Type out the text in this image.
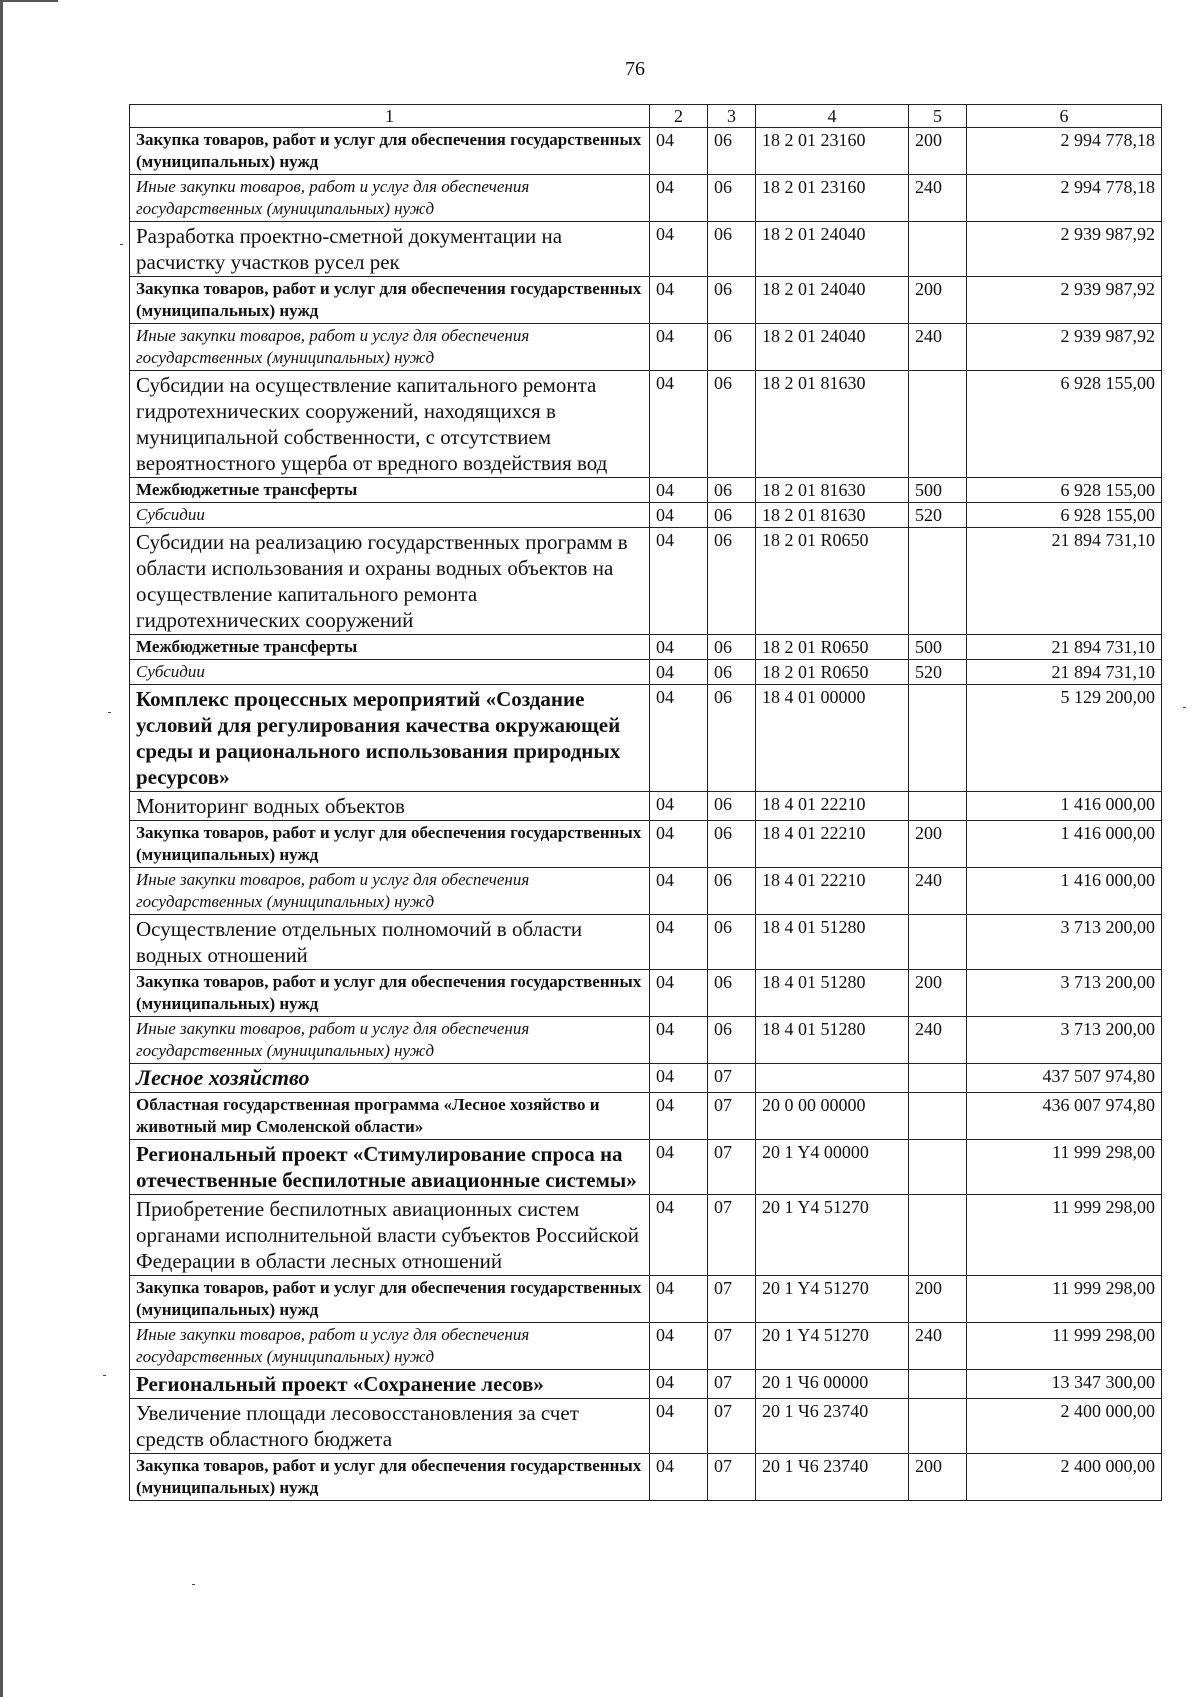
76
1	2	3	4	5	6
Закупка товаров, работ и услуг для обеспечения государственных (муниципальных) нужд	04	06	18 2 01 23160	200	2 994 778,18
Иные закупки товаров, работ и услуг для обеспечения государственных (муниципальных) нужд	04	06	18 2 01 23160	240	2 994 778,18
Разработка проектно-сметной документации на расчистку участков русел рек	04	06	18 2 01 24040		2 939 987,92
Закупка товаров, работ и услуг для обеспечения государственных (муниципальных) нужд	04	06	18 2 01 24040	200	2 939 987,92
Иные закупки товаров, работ и услуг для обеспечения государственных (муниципальных) нужд	04	06	18 2 01 24040	240	2 939 987,92
Субсидии на осуществление капитального ремонта гидротехнических сооружений, находящихся в муниципальной собственности, с отсутствием вероятностного ущерба от вредного воздействия вод	04	06	18 2 01 81630		6 928 155,00
Межбюджетные трансферты	04	06	18 2 01 81630	500	6 928 155,00
Субсидии	04	06	18 2 01 81630	520	6 928 155,00
Субсидии на реализацию государственных программ в области использования и охраны водных объектов на осуществление капитального ремонта гидротехнических сооружений	04	06	18 2 01 R0650		21 894 731,10
Межбюджетные трансферты	04	06	18 2 01 R0650	500	21 894 731,10
Субсидии	04	06	18 2 01 R0650	520	21 894 731,10
Комплекс процессных мероприятий «Создание условий для регулирования качества окружающей среды и рационального использования природных ресурсов»	04	06	18 4 01 00000		5 129 200,00
Мониторинг водных объектов	04	06	18 4 01 22210		1 416 000,00
Закупка товаров, работ и услуг для обеспечения государственных (муниципальных) нужд	04	06	18 4 01 22210	200	1 416 000,00
Иные закупки товаров, работ и услуг для обеспечения государственных (муниципальных) нужд	04	06	18 4 01 22210	240	1 416 000,00
Осуществление отдельных полномочий в области водных отношений	04	06	18 4 01 51280		3 713 200,00
Закупка товаров, работ и услуг для обеспечения государственных (муниципальных) нужд	04	06	18 4 01 51280	200	3 713 200,00
Иные закупки товаров, работ и услуг для обеспечения государственных (муниципальных) нужд	04	06	18 4 01 51280	240	3 713 200,00
Лесное хозяйство	04	07			437 507 974,80
Областная государственная программа «Лесное хозяйство и животный мир Смоленской области»	04	07	20 0 00 00000		436 007 974,80
Региональный проект «Стимулирование спроса на отечественные беспилотные авиационные системы»	04	07	20 1 Y4 00000		11 999 298,00
Приобретение беспилотных авиационных систем органами исполнительной власти субъектов Российской Федерации в области лесных отношений	04	07	20 1 Y4 51270		11 999 298,00
Закупка товаров, работ и услуг для обеспечения государственных (муниципальных) нужд	04	07	20 1 Y4 51270	200	11 999 298,00
Иные закупки товаров, работ и услуг для обеспечения государственных (муниципальных) нужд	04	07	20 1 Y4 51270	240	11 999 298,00
Региональный проект «Сохранение лесов»	04	07	20 1 Ч6 00000		13 347 300,00
Увеличение площади лесовосстановления за счет средств областного бюджета	04	07	20 1 Ч6 23740		2 400 000,00
Закупка товаров, работ и услуг для обеспечения государственных (муниципальных) нужд	04	07	20 1 Ч6 23740	200	2 400 000,00
